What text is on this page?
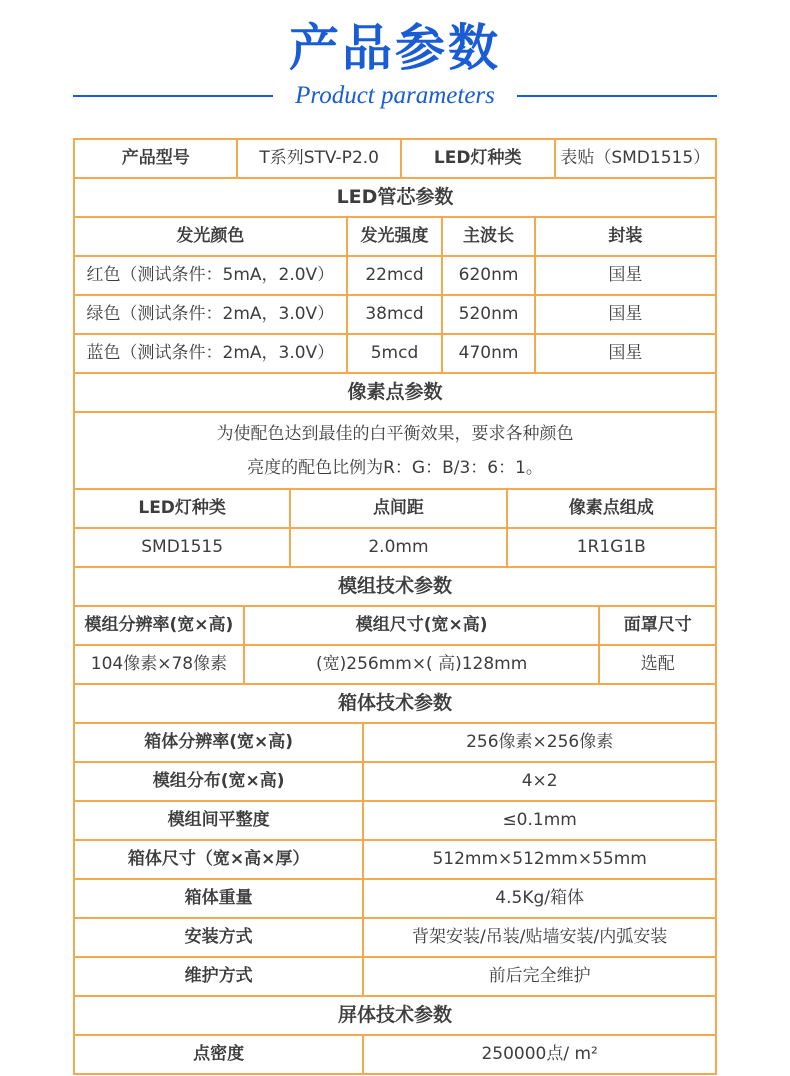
产品参数
Product parameters
产品型号	T系列STV-P2.0	LED灯种类	表贴（SMD1515）
LED管芯参数
发光颜色	发光强度	主波长	封装
红色（测试条件：5mA，2.0V）	22mcd	620nm	国星
绿色（测试条件：2mA，3.0V）	38mcd	520nm	国星
蓝色（测试条件：2mA，3.0V）	5mcd	470nm	国星
像素点参数
为使配色达到最佳的白平衡效果，要求各种颜色
亮度的配色比例为R：G：B/3：6：1。
LED灯种类	点间距	像素点组成
SMD1515	2.0mm	1R1G1B
模组技术参数
模组分辨率(宽×高)	模组尺寸(宽×高)	面罩尺寸
104像素×78像素	(宽)256mm×( 高)128mm	选配
箱体技术参数
箱体分辨率(宽×高)	256像素×256像素
模组分布(宽×高)	4×2
模组间平整度	≤0.1mm
箱体尺寸（宽×高×厚）	512mm×512mm×55mm
箱体重量	4.5Kg/箱体
安装方式	背架安装/吊装/贴墙安装/内弧安装
维护方式	前后完全维护
屏体技术参数
点密度	250000点/ m²
